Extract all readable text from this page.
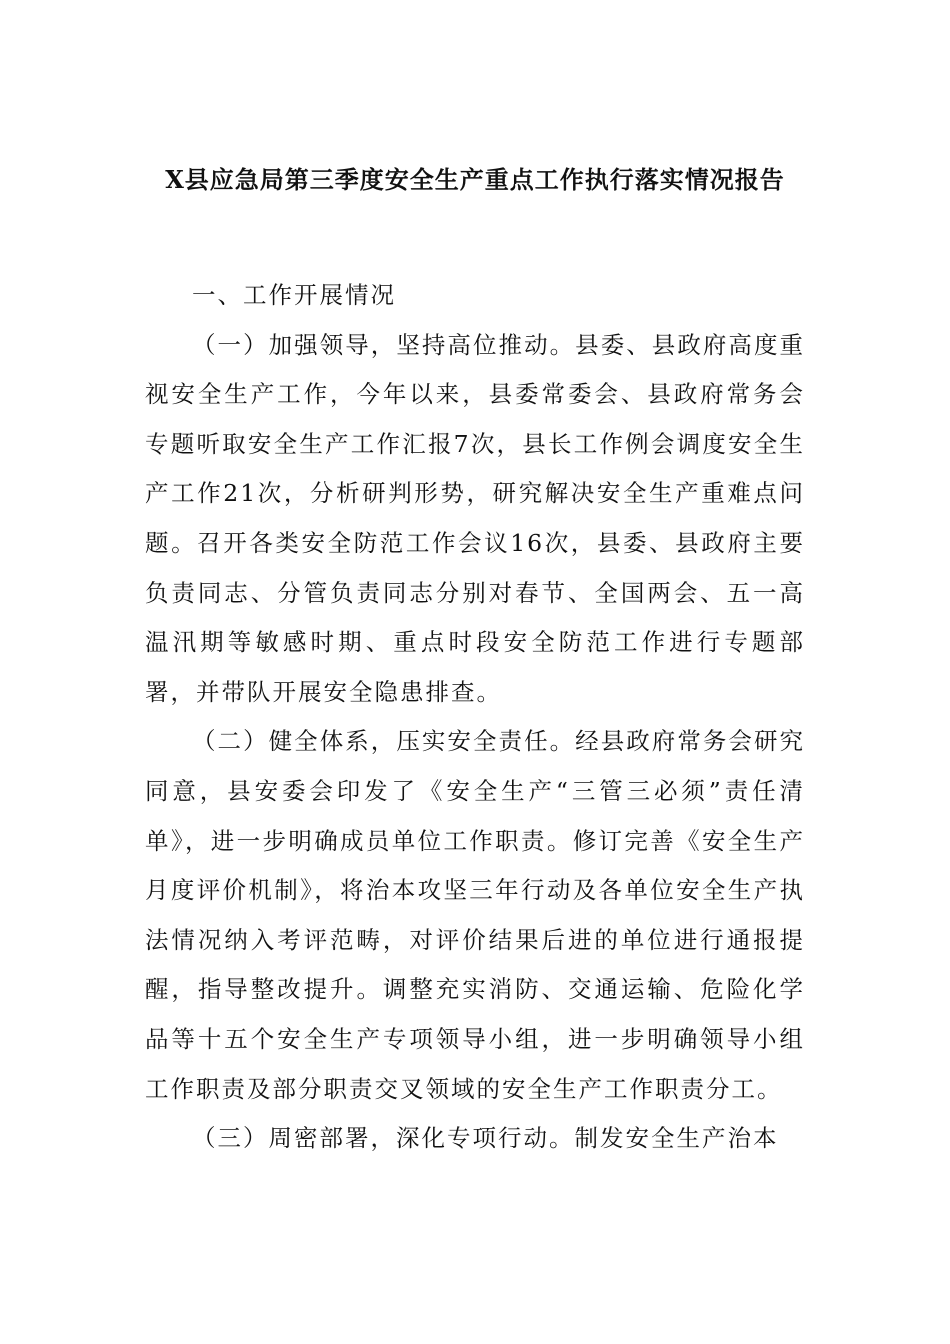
X县应急局第三季度安全生产重点工作执行落实情况报告

一、工作开展情况

（一）加强领导，坚持高位推动。县委、县政府高度重视安全生产工作，今年以来，县委常委会、县政府常务会专题听取安全生产工作汇报7次，县长工作例会调度安全生产工作21次，分析研判形势，研究解决安全生产重难点问题。召开各类安全防范工作会议16次，县委、县政府主要负责同志、分管负责同志分别对春节、全国两会、五一高温汛期等敏感时期、重点时段安全防范工作进行专题部署，并带队开展安全隐患排查。

（二）健全体系，压实安全责任。经县政府常务会研究同意，县安委会印发了《安全生产“三管三必须”责任清单》，进一步明确成员单位工作职责。修订完善《安全生产月度评价机制》，将治本攻坚三年行动及各单位安全生产执法情况纳入考评范畴，对评价结果后进的单位进行通报提醒，指导整改提升。调整充实消防、交通运输、危险化学品等十五个安全生产专项领导小组，进一步明确领导小组工作职责及部分职责交叉领域的安全生产工作职责分工。

（三）周密部署，深化专项行动。制发安全生产治本
